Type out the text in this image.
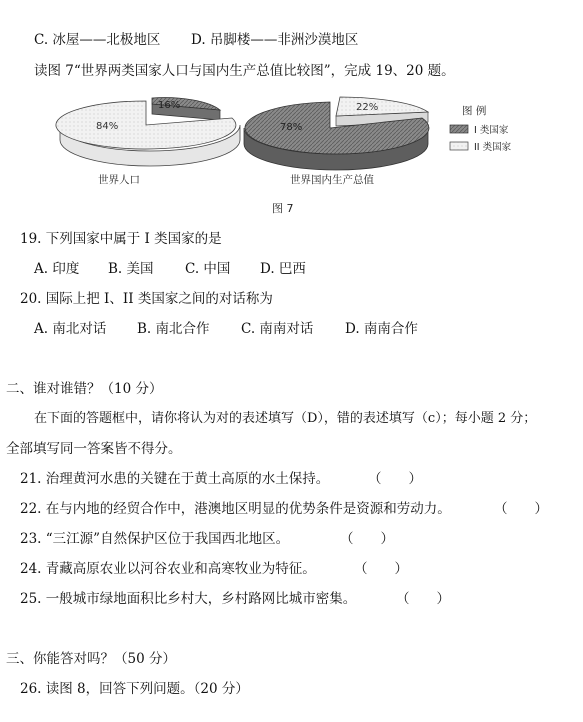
C. 冰屋——北极地区 D. 吊脚楼——非洲沙漠地区
读图 7“世界两类国家人口与国内生产总值比较图”，完成 19、20 题。
84%
16%
世界人口
78%
22%
世界国内生产总值
图 例
I 类国家
II 类国家
图 7
19. 下列国家中属于 I 类国家的是
A. 印度 B. 美国 C. 中国 D. 巴西
20. 国际上把 I、II 类国家之间的对话称为
A. 南北对话 B. 南北合作 C. 南南对话 D. 南南合作
二、谁对谁错？（10 分）
在下面的答题框中，请你将认为对的表述填写（D），错的表述填写（c）；每小题 2 分；
全部填写同一答案皆不得分。
21. 治理黄河水患的关键在于黄土高原的水土保持。	（　　）
22. 在与内地的经贸合作中，港澳地区明显的优势条件是资源和劳动力。	（　　）
23. “三江源”自然保护区位于我国西北地区。	（　　）
24. 青藏高原农业以河谷农业和高寒牧业为特征。	（　　）
25. 一般城市绿地面积比乡村大，乡村路网比城市密集。	（　　）
三、你能答对吗？（50 分）
26. 读图 8，回答下列问题。（20 分）
